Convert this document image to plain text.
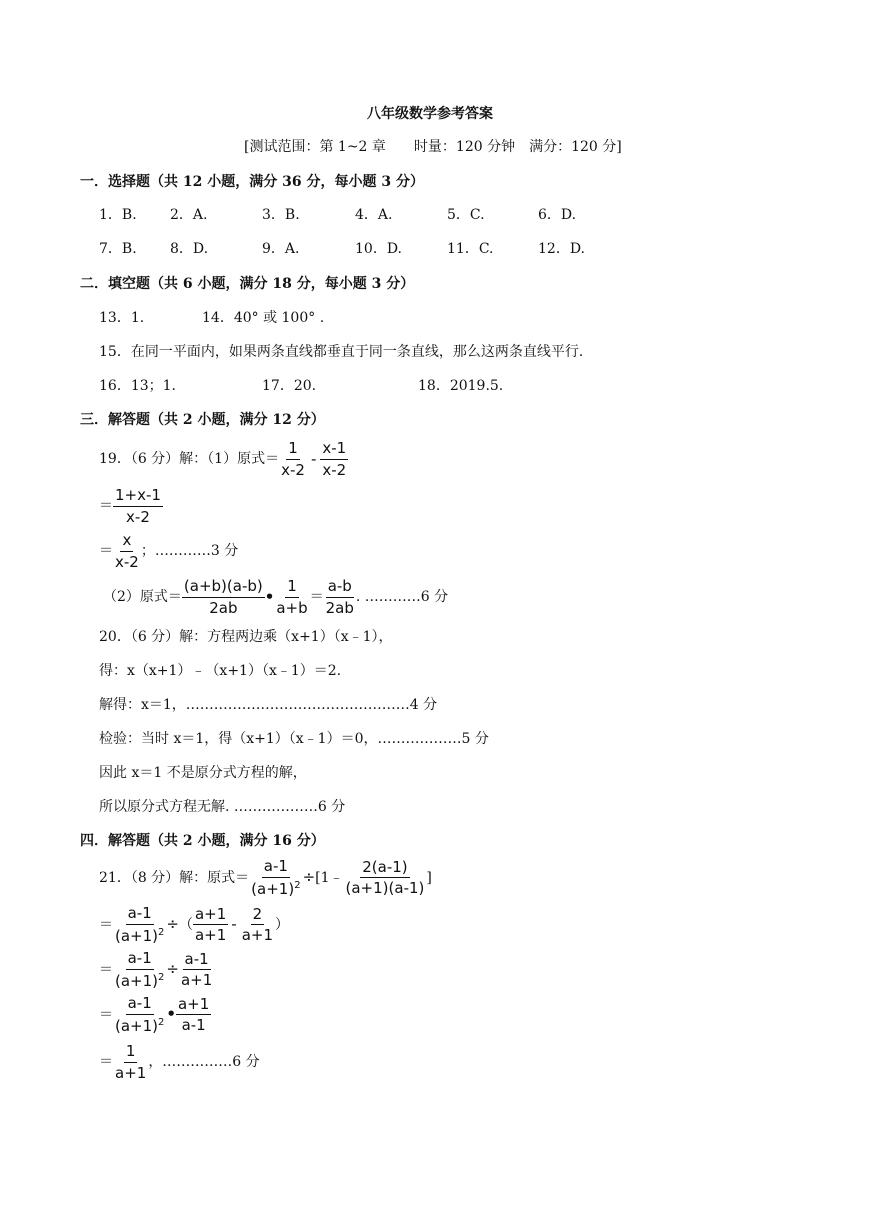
八年级数学参考答案
[测试范围：第 1~2 章　　时量：120 分钟　满分：120 分]
一．选择题（共 12 小题，满分 36 分，每小题 3 分）
1．B. 2．A.	3．B.	4．A.	5．C.	6．D.
7．B. 8．D.	9．A.	10．D.	11．C.	12．D.
二．填空题（共 6 小题，满分 18 分，每小题 3 分）
13．1.	14．40° 或 100° .
15．在同一平面内，如果两条直线都垂直于同一条直线，那么这两条直线平行.
16．13；1.	17．20.	18．2019.5.
三．解答题（共 2 小题，满分 12 分）
19．（6 分）解：（1）原式＝ $\frac{1}{x-2} - \frac{x-1}{x-2}$
＝ $\frac{1+x-1}{x-2}$
＝ $\frac{x}{x-2}$ ；…………3 分
（2）原式＝ $\frac{(a+b)(a-b)}{2ab}$ • $\frac{1}{a+b} = \frac{a-b}{2ab}$ . …………6 分
20．（6 分）解：方程两边乘（x+1）（x﹣1），
得：x（x+1）﹣（x+1）（x﹣1）＝2.
解得：x＝1，…………………………………………4 分
检验：当时 x＝1，得（x+1）（x﹣1）＝0，………………5 分
因此 x＝1 不是原分式方程的解，
所以原分式方程无解. ………………6 分
四．解答题（共 2 小题，满分 16 分）
21．（8 分）解：原式＝ $\frac{a-1}{(a+1)^2}$ ÷ [1﹣ $\frac{2(a-1)}{(a+1)(a-1)}$ ]
＝ $\frac{a-1}{(a+1)^2}$ ÷ （ $\frac{a+1}{a+1} - \frac{2}{a+1}$ ）
＝ $\frac{a-1}{(a+1)^2} \div \frac{a-1}{a+1}$
＝ $\frac{a-1}{(a+1)^2}$ • $\frac{a+1}{a-1}$
＝ $\frac{1}{a+1}$ ，……………6 分
